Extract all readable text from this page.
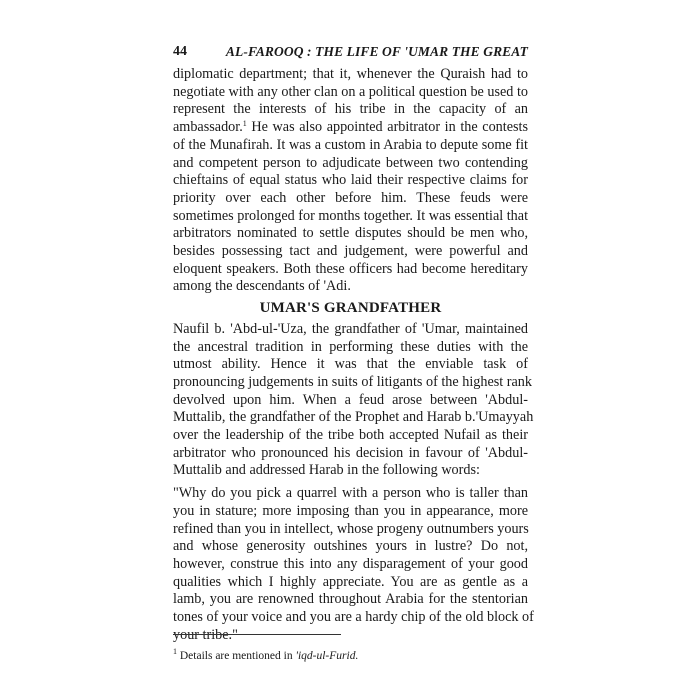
44	AL-FAROOQ : THE LIFE OF 'UMAR THE GREAT
diplomatic department; that it, whenever the Quraish had to
negotiate with any other clan on a political question be used to
represent the interests of his tribe in the capacity of an
ambassador.$^1$ He was also appointed arbitrator in the contests
of the Munafirah. It was a custom in Arabia to depute some fit
and competent person to adjudicate between two contending
chieftains of equal status who laid their respective claims for
priority over each other before him. These feuds were
sometimes prolonged for months together. It was essential that
arbitrators nominated to settle disputes should be men who,
besides possessing tact and judgement, were powerful and
eloquent speakers. Both these officers had become hereditary
among the descendants of 'Adi.
UMAR'S GRANDFATHER
Naufil b. 'Abd-ul-'Uza, the grandfather of 'Umar, maintained
the ancestral tradition in performing these duties with the
utmost ability. Hence it was that the enviable task of
pronouncing judgements in suits of litigants of the highest rank
devolved upon him. When a feud arose between 'Abdul-
Muttalib, the grandfather of the Prophet and Harab b.'Umayyah
over the leadership of the tribe both accepted Nufail as their
arbitrator who pronounced his decision in favour of 'Abdul-
Muttalib and addressed Harab in the following words:
"Why do you pick a quarrel with a person who is taller than
you in stature; more imposing than you in appearance, more
refined than you in intellect, whose progeny outnumbers yours
and whose generosity outshines yours in lustre? Do not,
however, construe this into any disparagement of your good
qualities which I highly appreciate. You are as gentle as a
lamb, you are renowned throughout Arabia for the stentorian
tones of your voice and you are a hardy chip of the old block of
your tribe."
$^1$ Details are mentioned in 'iqd-ul-Furid.
